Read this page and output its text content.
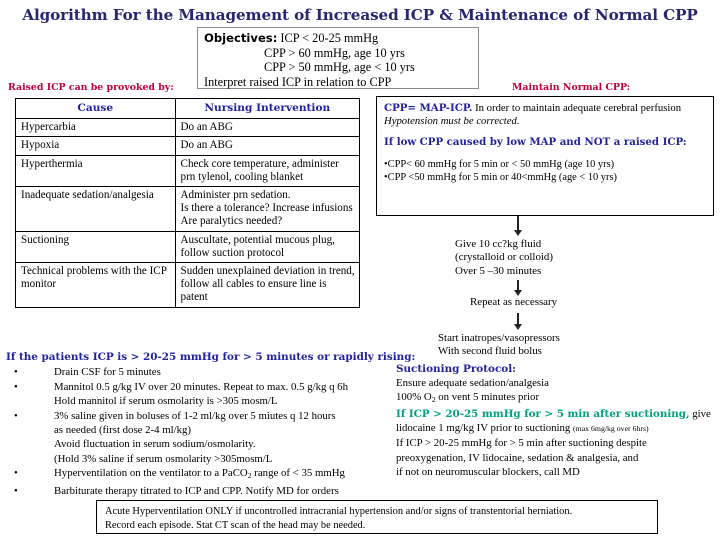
Algorithm For the Management of Increased ICP & Maintenance of Normal CPP
Objectives: ICP < 20-25 mmHg
CPP > 60 mmHg, age 10 yrs
CPP > 50 mmHg, age < 10 yrs
Interpret raised ICP in relation to CPP
Raised ICP can be provoked by:	Maintain Normal CPP:
Cause	Nursing Intervention
Hypercarbia	Do an ABG

Hypoxia	Do an ABG

Hyperthermia	Check core temperature, administer prn tylenol, cooling blanket

Inadequate sedation/analgesia	Administer prn sedation.
Is there a tolerance? Increase infusions
Are paralytics needed?

Suctioning	Auscultate, potential mucous plug, follow suction protocol

Technical problems with the ICP monitor	Sudden unexplained deviation in trend, follow all cables to ensure line is patent
CPP= MAP-ICP. In order to maintain adequate cerebral perfusion
Hypotension must be corrected.
If low CPP caused by low MAP and NOT a raised ICP:
•CPP< 60 mmHg for 5 min or < 50 mmHg (age 10 yrs)
•CPP <50 mmHg for 5 min or 40<mmHg (age < 10 yrs)
Give 10 cc?kg fluid
(crystalloid or colloid)
Over 5 –30 minutes
Repeat as necessary
Start inatropes/vasopressors
With second fluid bolus
If the patients ICP is > 20-25 mmHg for > 5 minutes or rapidly rising:
•	Drain CSF for 5 minutes
•	Mannitol 0.5 g/kg IV over 20 minutes. Repeat to max. 0.5 g/kg q 6h
Hold mannitol if serum osmolarity is >305 mosm/L
•	3% saline given in boluses of 1-2 ml/kg over 5 miutes q 12 hours
as needed (first dose 2-4 ml/kg)
Avoid fluctuation in serum sodium/osmolarity.
(Hold 3% saline if serum osmolarity >305mosm/L
•	Hyperventilation on the ventilator to a PaCO$_2$ range of < 35 mmHg
•	Barbiturate therapy titrated to ICP and CPP. Notify MD for orders
Suctioning Protocol:
Ensure adequate sedation/analgesia
100% $O_2$ on vent 5 minutes prior
If ICP > 20-25 mmHg for > 5 min after suctioning, give
lidocaine 1 mg/kg IV prior to suctioning (max 6mg/kg over 6hrs)
If ICP > 20-25 mmHg for > 5 min after suctioning despite
preoxygenation, IV lidocaine, sedation & analgesia, and
if not on neuromuscular blockers, call MD
Acute Hyperventilation ONLY if uncontrolled intracranial hypertension and/or signs of transtentorial herniation.
Record each episode. Stat CT scan of the head may be needed.
